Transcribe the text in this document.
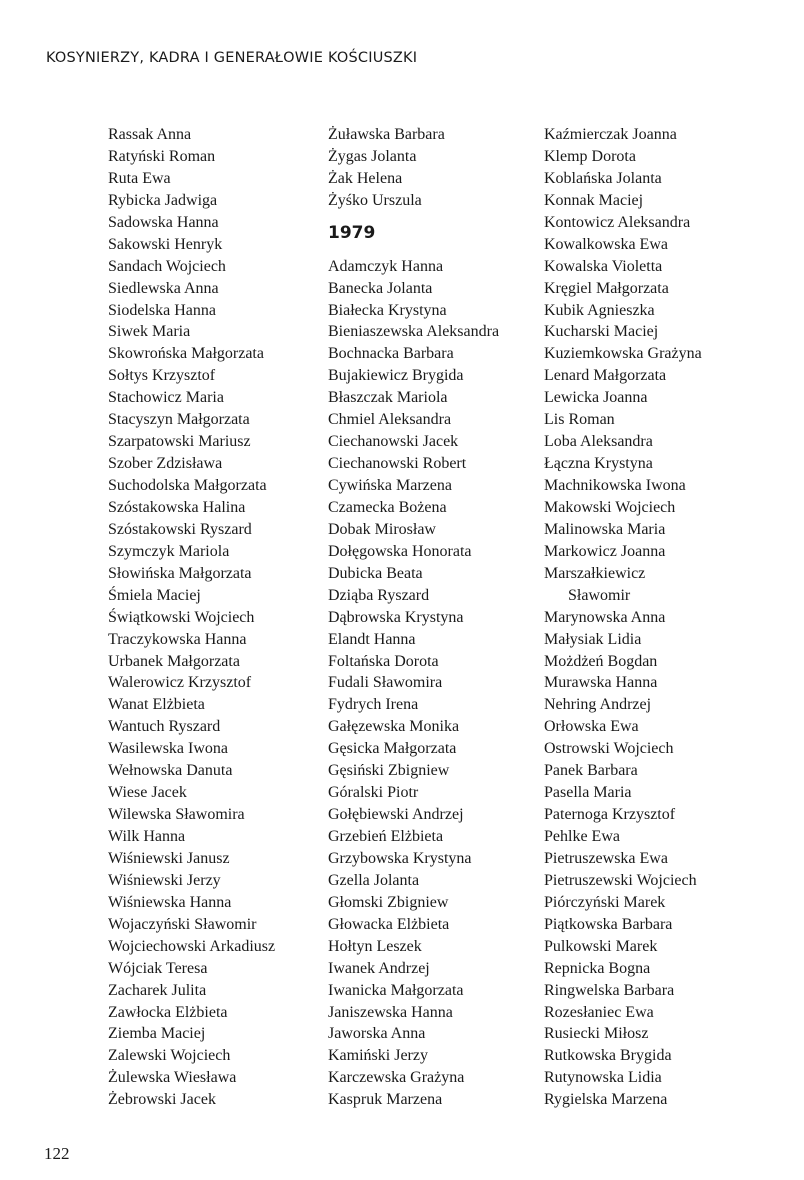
KOSYNIERZY, KADRA I GENERAŁOWIE KOŚCIUSZKI
Rassak Anna
Ratyński Roman
Ruta Ewa
Rybicka Jadwiga
Sadowska Hanna
Sakowski Henryk
Sandach Wojciech
Siedlewska Anna
Siodelska Hanna
Siwek Maria
Skowrońska Małgorzata
Sołtys Krzysztof
Stachowicz Maria
Stacyszyn Małgorzata
Szarpatowski Mariusz
Szober Zdzisława
Suchodolska Małgorzata
Szóstakowska Halina
Szóstakowski Ryszard
Szymczyk Mariola
Słowińska Małgorzata
Śmiela Maciej
Świątkowski Wojciech
Traczykowska Hanna
Urbanek Małgorzata
Walerowicz Krzysztof
Wanat Elżbieta
Wantuch Ryszard
Wasilewska Iwona
Wełnowska Danuta
Wiese Jacek
Wilewska Sławomira
Wilk Hanna
Wiśniewski Janusz
Wiśniewski Jerzy
Wiśniewska Hanna
Wojaczyński Sławomir
Wojciechowski Arkadiusz
Wójciak Teresa
Zacharek Julita
Zawłocka Elżbieta
Ziemba Maciej
Zalewski Wojciech
Żulewska Wiesława
Żebrowski Jacek
Żuławska Barbara
Żygas Jolanta
Żak Helena
Żyśko Urszula
1979
Adamczyk Hanna
Banecka Jolanta
Białecka Krystyna
Bieniaszewska Aleksandra
Bochnacka Barbara
Bujakiewicz Brygida
Błaszczak Mariola
Chmiel Aleksandra
Ciechanowski Jacek
Ciechanowski Robert
Cywińska Marzena
Czamecka Bożena
Dobak Mirosław
Dołęgowska Honorata
Dubicka Beata
Dziąba Ryszard
Dąbrowska Krystyna
Elandt Hanna
Foltańska Dorota
Fudali Sławomira
Fydrych Irena
Gałęzewska Monika
Gęsicka Małgorzata
Gęsiński Zbigniew
Góralski Piotr
Gołębiewski Andrzej
Grzebień Elżbieta
Grzybowska Krystyna
Gzella Jolanta
Głomski Zbigniew
Głowacka Elżbieta
Hołtyn Leszek
Iwanek Andrzej
Iwanicka Małgorzata
Janiszewska Hanna
Jaworska Anna
Kamiński Jerzy
Karczewska Grażyna
Kaspruk Marzena
Kaźmierczak Joanna
Klemp Dorota
Koblańska Jolanta
Konnak Maciej
Kontowicz Aleksandra
Kowalkowska Ewa
Kowalska Violetta
Kręgiel Małgorzata
Kubik Agnieszka
Kucharski Maciej
Kuziemkowska Grażyna
Lenard Małgorzata
Lewicka Joanna
Lis Roman
Loba Aleksandra
Łączna Krystyna
Machnikowska Iwona
Makowski Wojciech
Malinowska Maria
Markowicz Joanna
Marszałkiewicz
Sławomir
Marynowska Anna
Małysiak Lidia
Możdżeń Bogdan
Murawska Hanna
Nehring Andrzej
Orłowska Ewa
Ostrowski Wojciech
Panek Barbara
Pasella Maria
Paternoga Krzysztof
Pehlke Ewa
Pietruszewska Ewa
Pietruszewski Wojciech
Piórczyński Marek
Piątkowska Barbara
Pulkowski Marek
Repnicka Bogna
Ringwelska Barbara
Rozesłaniec Ewa
Rusiecki Miłosz
Rutkowska Brygida
Rutynowska Lidia
Rygielska Marzena
122
